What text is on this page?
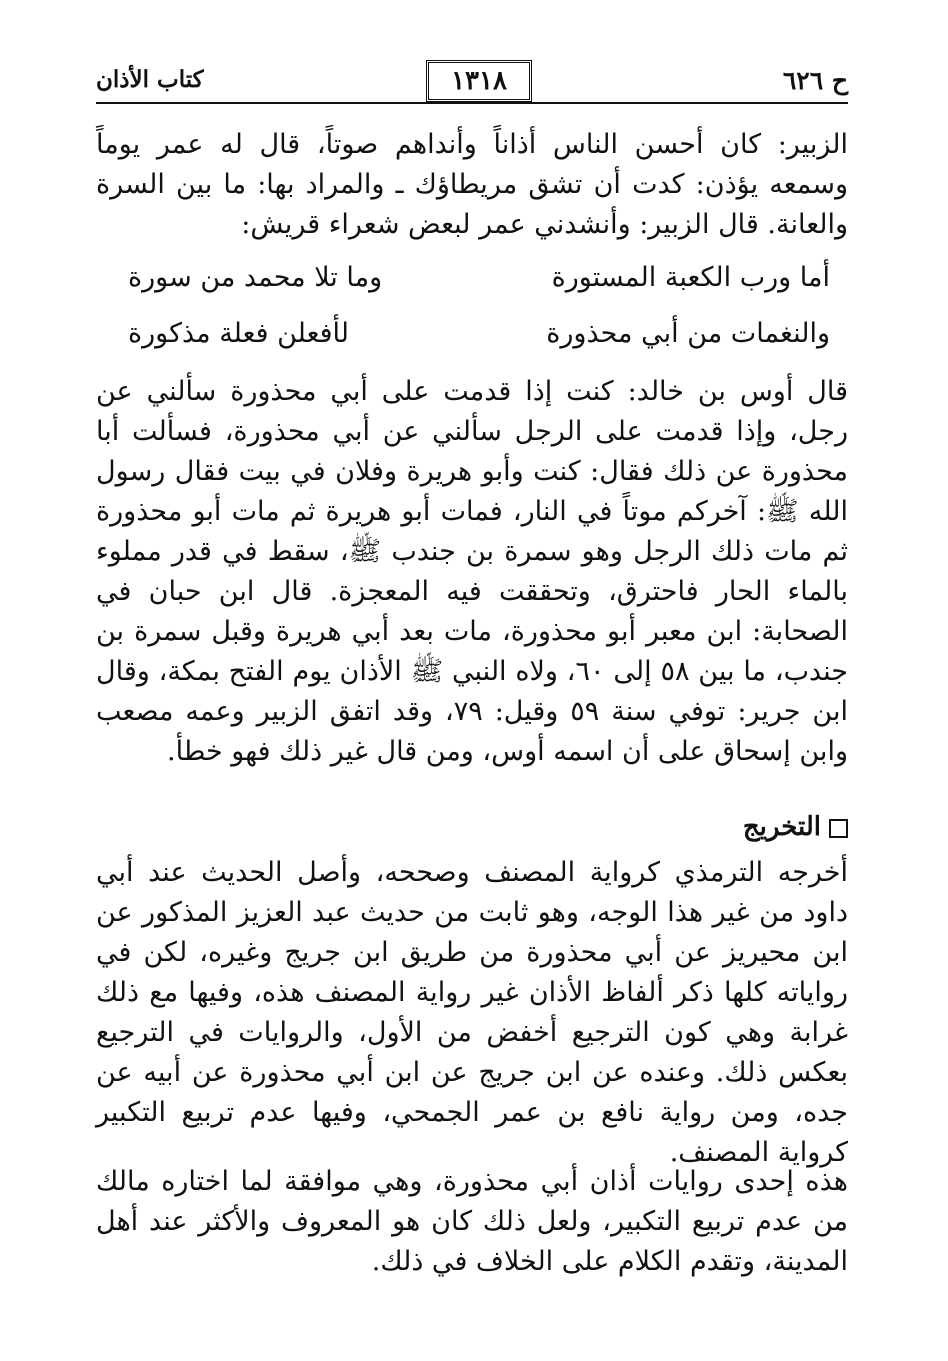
ح ٦٢٦
١٣١٨
كتاب الأذان

الزبير: كان أحسن الناس أذاناً وأنداهم صوتاً، قال له عمر يوماً وسمعه يؤذن: كدت أن تشق مريطاؤك ـ والمراد بها: ما بين السرة والعانة. قال الزبير: وأنشدني عمر لبعض شعراء قريش:

أما ورب الكعبة المستورة
وما تلا محمد من سورة
والنغمات من أبي محذورة
لأفعلن فعلة مذكورة

قال أوس بن خالد: كنت إذا قدمت على أبي محذورة سألني عن رجل، وإذا قدمت على الرجل سألني عن أبي محذورة، فسألت أبا محذورة عن ذلك فقال: كنت وأبو هريرة وفلان في بيت فقال رسول الله ﷺ: آخركم موتاً في النار، فمات أبو هريرة ثم مات أبو محذورة ثم مات ذلك الرجل وهو سمرة بن جندب ﷺ، سقط في قدر مملوء بالماء الحار فاحترق، وتحققت فيه المعجزة. قال ابن حبان في الصحابة: ابن معبر أبو محذورة، مات بعد أبي هريرة وقبل سمرة بن جندب، ما بين ٥٨ إلى ٦٠، ولاه النبي ﷺ الأذان يوم الفتح بمكة، وقال ابن جرير: توفي سنة ٥٩ وقيل: ٧٩، وقد اتفق الزبير وعمه مصعب وابن إسحاق على أن اسمه أوس، ومن قال غير ذلك فهو خطأ.

التخريج

أخرجه الترمذي كرواية المصنف وصححه، وأصل الحديث عند أبي داود من غير هذا الوجه، وهو ثابت من حديث عبد العزيز المذكور عن ابن محيريز عن أبي محذورة من طريق ابن جريج وغيره، لكن في رواياته كلها ذكر ألفاظ الأذان غير رواية المصنف هذه، وفيها مع ذلك غرابة وهي كون الترجيع أخفض من الأول، والروايات في الترجيع بعكس ذلك. وعنده عن ابن جريج عن ابن أبي محذورة عن أبيه عن جده، ومن رواية نافع بن عمر الجمحي، وفيها عدم تربيع التكبير كرواية المصنف.

هذه إحدى روايات أذان أبي محذورة، وهي موافقة لما اختاره مالك من عدم تربيع التكبير، ولعل ذلك كان هو المعروف والأكثر عند أهل المدينة، وتقدم الكلام على الخلاف في ذلك.
